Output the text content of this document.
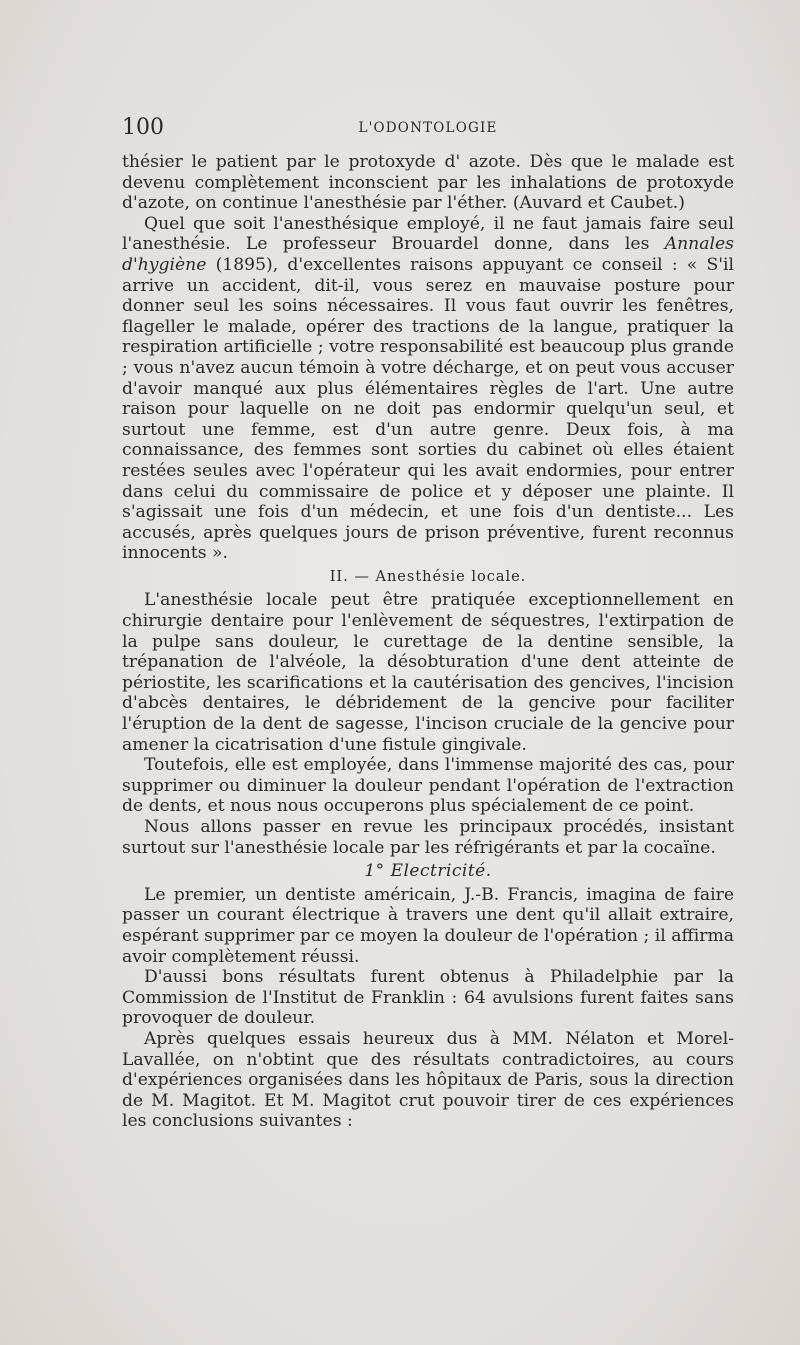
100	L'ODONTOLOGIE

thésier le patient par le protoxyde d' azote. Dès que le malade est devenu complètement inconscient par les inhalations de protoxyde d'azote, on continue l'anesthésie par l'éther. (Auvard et Caubet.)

Quel que soit l'anesthésique employé, il ne faut jamais faire seul l'anesthésie. Le professeur Brouardel donne, dans les Annales d'hygiène (1895), d'excellentes raisons appuyant ce conseil : « S'il arrive un accident, dit-il, vous serez en mauvaise posture pour donner seul les soins nécessaires. Il vous faut ouvrir les fenêtres, flageller le malade, opérer des tractions de la langue, pratiquer la respiration artificielle ; votre responsabilité est beaucoup plus grande ; vous n'avez aucun témoin à votre décharge, et on peut vous accuser d'avoir manqué aux plus élémentaires règles de l'art. Une autre raison pour laquelle on ne doit pas endormir quelqu'un seul, et surtout une femme, est d'un autre genre. Deux fois, à ma connaissance, des femmes sont sorties du cabinet où elles étaient restées seules avec l'opérateur qui les avait endormies, pour entrer dans celui du commissaire de police et y déposer une plainte. Il s'agissait une fois d'un médecin, et une fois d'un dentiste... Les accusés, après quelques jours de prison préventive, furent reconnus innocents ».

II. — Anesthésie locale.

L'anesthésie locale peut être pratiquée exceptionnellement en chirurgie dentaire pour l'enlèvement de séquestres, l'extirpation de la pulpe sans douleur, le curettage de la dentine sensible, la trépanation de l'alvéole, la désobturation d'une dent atteinte de périostite, les scarifications et la cautérisation des gencives, l'incision d'abcès dentaires, le débridement de la gencive pour faciliter l'éruption de la dent de sagesse, l'incison cruciale de la gencive pour amener la cicatrisation d'une fistule gingivale.

Toutefois, elle est employée, dans l'immense majorité des cas, pour supprimer ou diminuer la douleur pendant l'opération de l'extraction de dents, et nous nous occuperons plus spécialement de ce point.

Nous allons passer en revue les principaux procédés, insistant surtout sur l'anesthésie locale par les réfrigérants et par la cocaïne.

1° Electricité.

Le premier, un dentiste américain, J.-B. Francis, imagina de faire passer un courant électrique à travers une dent qu'il allait extraire, espérant supprimer par ce moyen la douleur de l'opération ; il affirma avoir complètement réussi.

D'aussi bons résultats furent obtenus à Philadelphie par la Commission de l'Institut de Franklin : 64 avulsions furent faites sans provoquer de douleur.

Après quelques essais heureux dus à MM. Nélaton et Morel-Lavallée, on n'obtint que des résultats contradictoires, au cours d'expériences organisées dans les hôpitaux de Paris, sous la direction de M. Magitot. Et M. Magitot crut pouvoir tirer de ces expériences les conclusions suivantes :
